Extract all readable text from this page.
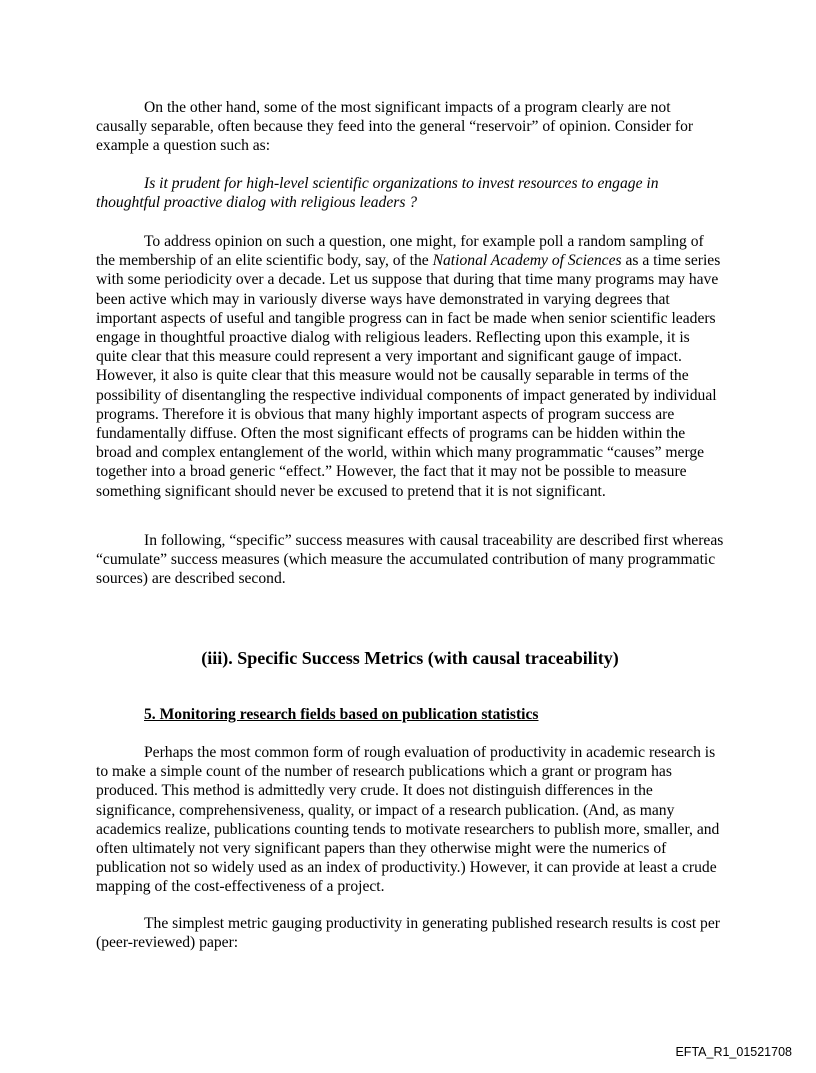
On the other hand, some of the most significant impacts of a program clearly are not causally separable, often because they feed into the general “reservoir” of opinion. Consider for example a question such as:

Is it prudent for high-level scientific organizations to invest resources to engage in thoughtful proactive dialog with religious leaders ?

To address opinion on such a question, one might, for example poll a random sampling of the membership of an elite scientific body, say, of the National Academy of Sciences as a time series with some periodicity over a decade. Let us suppose that during that time many programs may have been active which may in variously diverse ways have demonstrated in varying degrees that important aspects of useful and tangible progress can in fact be made when senior scientific leaders engage in thoughtful proactive dialog with religious leaders. Reflecting upon this example, it is quite clear that this measure could represent a very important and significant gauge of impact. However, it also is quite clear that this measure would not be causally separable in terms of the possibility of disentangling the respective individual components of impact generated by individual programs. Therefore it is obvious that many highly important aspects of program success are fundamentally diffuse. Often the most significant effects of programs can be hidden within the broad and complex entanglement of the world, within which many programmatic “causes” merge together into a broad generic “effect.” However, the fact that it may not be possible to measure something significant should never be excused to pretend that it is not significant.

In following, “specific” success measures with causal traceability are described first whereas “cumulate” success measures (which measure the accumulated contribution of many programmatic sources) are described second.

(iii). Specific Success Metrics (with causal traceability)
5. Monitoring research fields based on publication statistics

Perhaps the most common form of rough evaluation of productivity in academic research is to make a simple count of the number of research publications which a grant or program has produced. This method is admittedly very crude. It does not distinguish differences in the significance, comprehensiveness, quality, or impact of a research publication. (And, as many academics realize, publications counting tends to motivate researchers to publish more, smaller, and often ultimately not very significant papers than they otherwise might were the numerics of publication not so widely used as an index of productivity.) However, it can provide at least a crude mapping of the cost-effectiveness of a project.

The simplest metric gauging productivity in generating published research results is cost per (peer-reviewed) paper:

EFTA_R1_01521708
